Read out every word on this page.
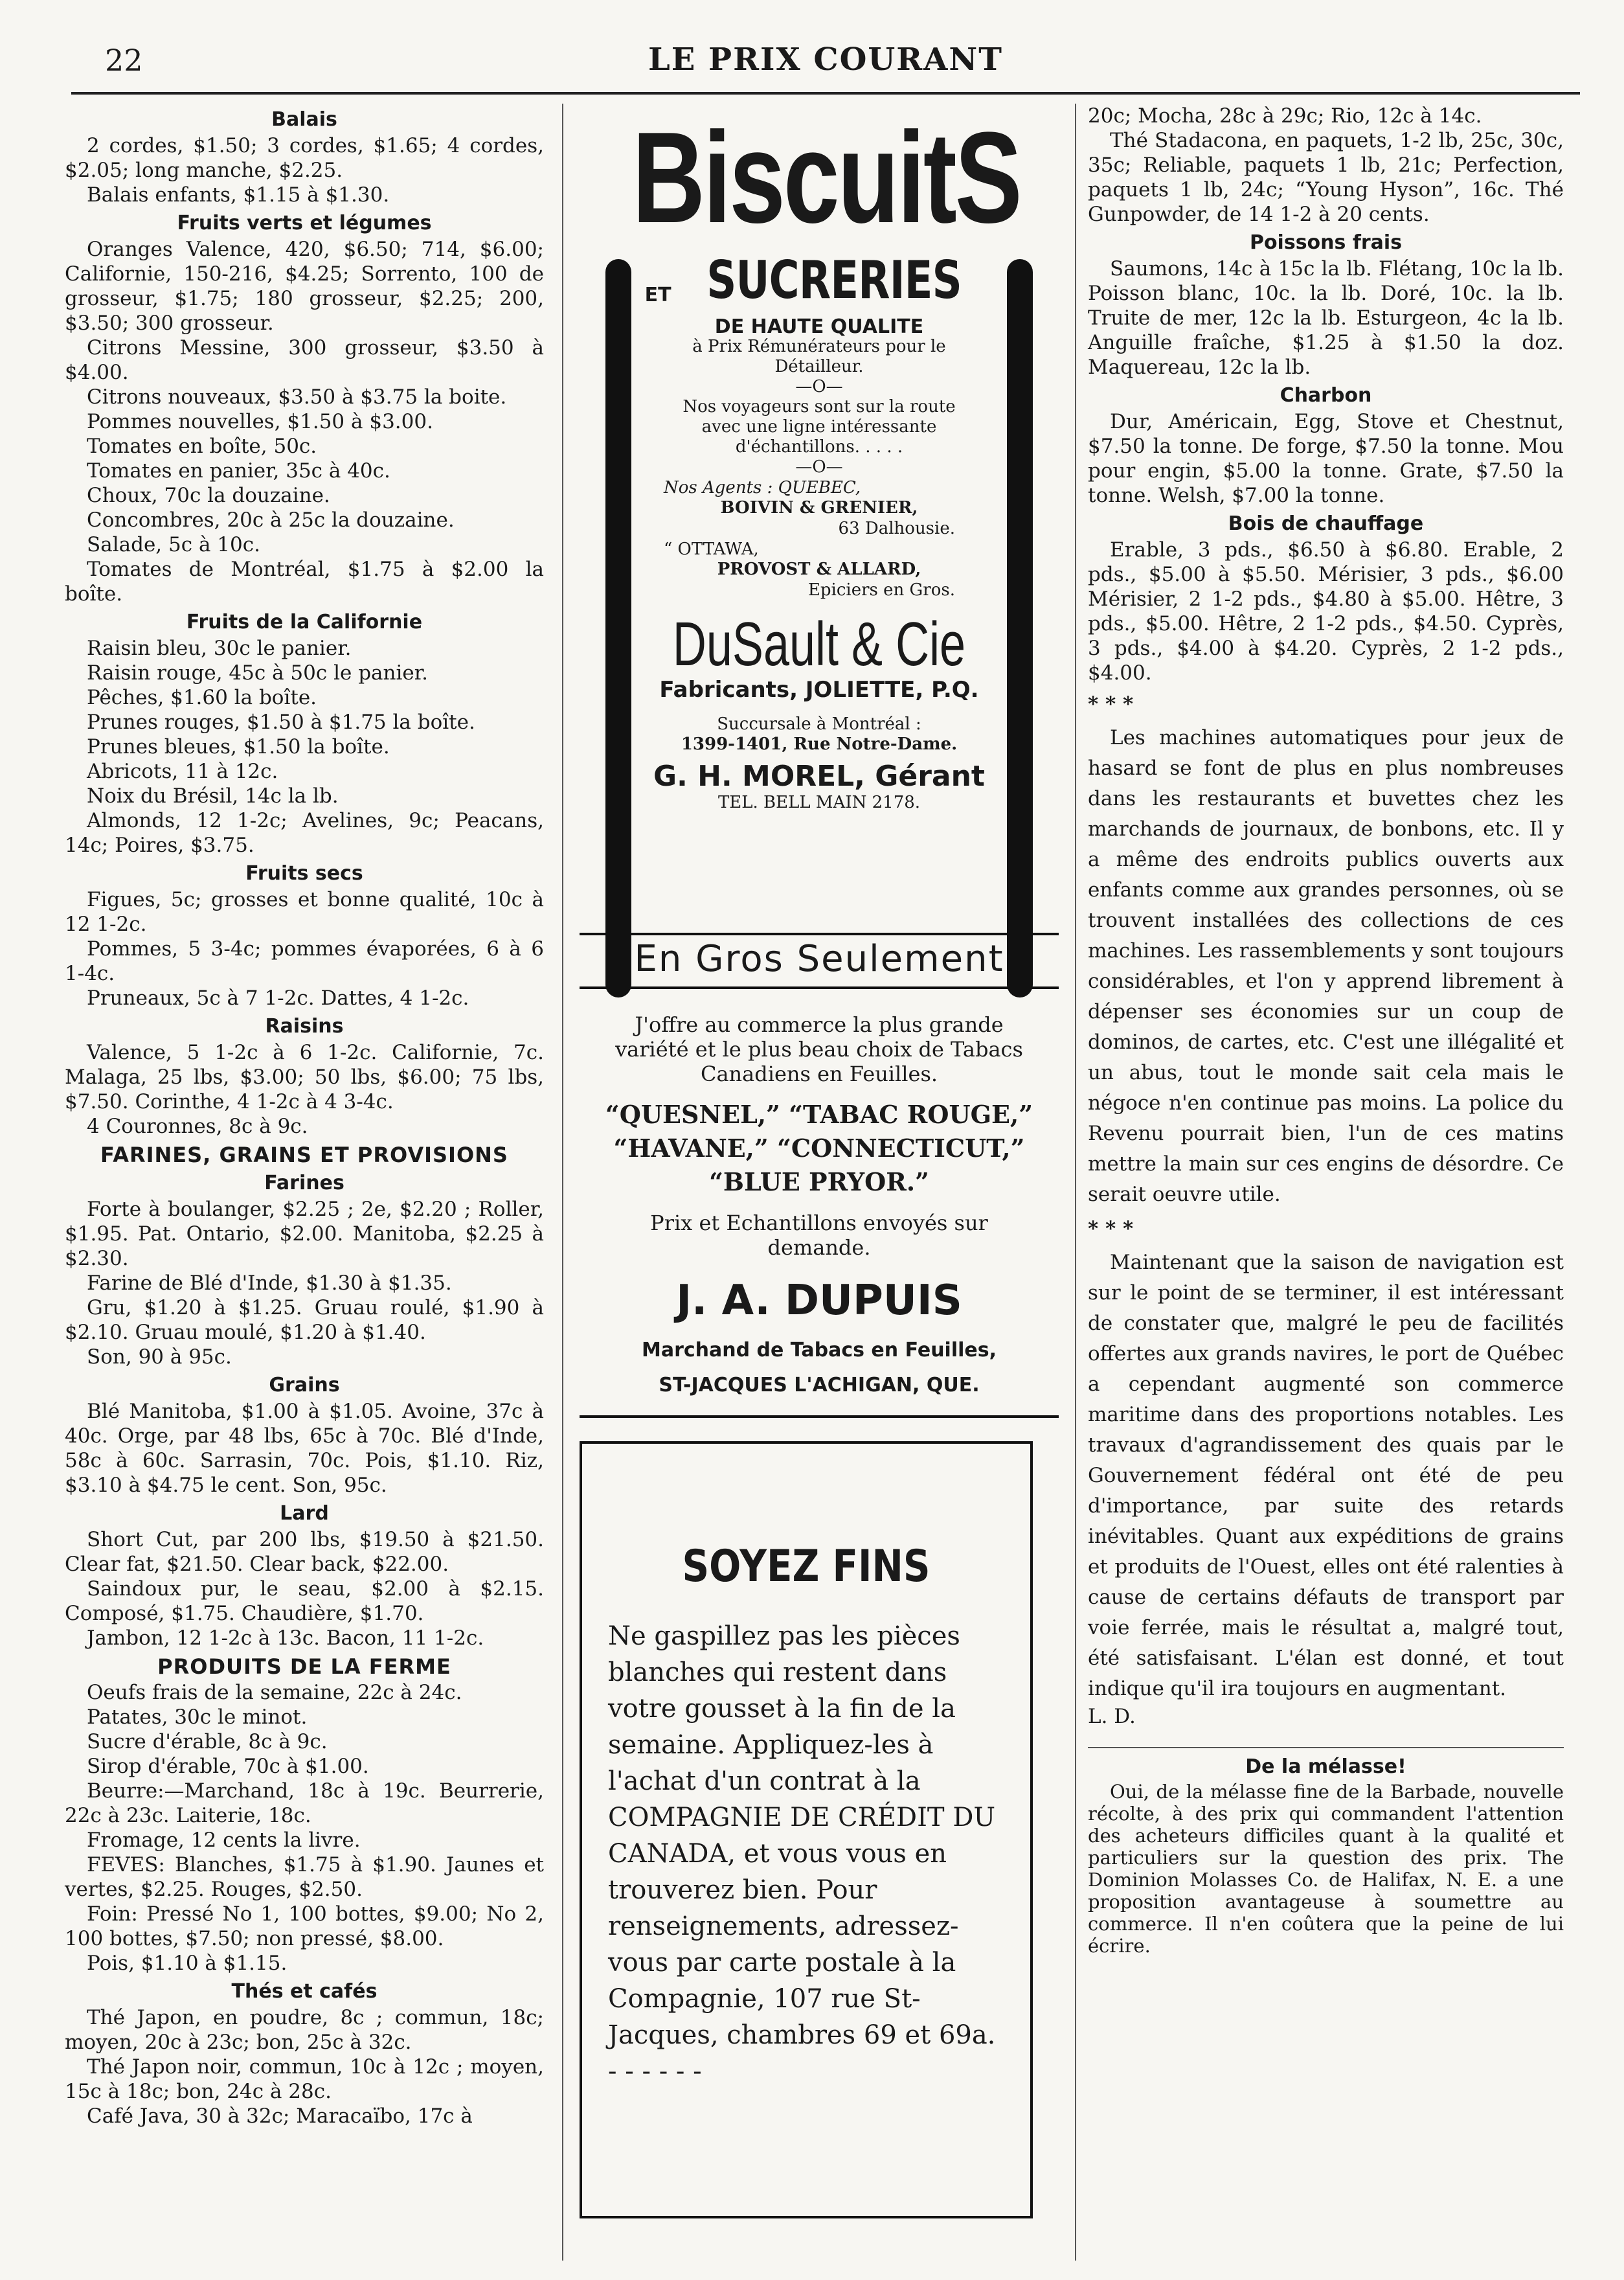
22	LE PRIX COURANT
Balais

2 cordes, $1.50; 3 cordes, $1.65; 4 cordes, $2.05; long manche, $2.25.

Balais enfants, $1.15 à $1.30.

Fruits verts et légumes

Oranges Valence, 420, $6.50; 714, $6.00; Californie, 150-216, $4.25; Sorrento, 100 de grosseur, $1.75; 180 grosseur, $2.25; 200, $3.50; 300 grosseur.

Citrons Messine, 300 grosseur, $3.50 à $4.00.

Citrons nouveaux, $3.50 à $3.75 la boite.

Pommes nouvelles, $1.50 à $3.00.

Tomates en boîte, 50c.

Tomates en panier, 35c à 40c.

Choux, 70c la douzaine.

Concombres, 20c à 25c la douzaine.

Salade, 5c à 10c.

Tomates de Montréal, $1.75 à $2.00 la boîte.

Fruits de la Californie

Raisin bleu, 30c le panier.

Raisin rouge, 45c à 50c le panier.

Pêches, $1.60 la boîte.

Prunes rouges, $1.50 à $1.75 la boîte.

Prunes bleues, $1.50 la boîte.

Abricots, 11 à 12c.

Noix du Brésil, 14c la lb.

Almonds, 12 1-2c; Avelines, 9c; Peacans, 14c; Poires, $3.75.

Fruits secs

Figues, 5c; grosses et bonne qualité, 10c à 12 1-2c.

Pommes, 5 3-4c; pommes évaporées, 6 à 6 1-4c.

Pruneaux, 5c à 7 1-2c. Dattes, 4 1-2c.

Raisins

Valence, 5 1-2c à 6 1-2c. Californie, 7c. Malaga, 25 lbs, $3.00; 50 lbs, $6.00; 75 lbs, $7.50. Corinthe, 4 1-2c à 4 3-4c.

4 Couronnes, 8c à 9c.

FARINES, GRAINS ET PROVISIONS
Farines

Forte à boulanger, $2.25 ; 2e, $2.20 ; Roller, $1.95. Pat. Ontario, $2.00. Manitoba, $2.25 à $2.30.

Farine de Blé d'Inde, $1.30 à $1.35.

Gru, $1.20 à $1.25. Gruau roulé, $1.90 à $2.10. Gruau moulé, $1.20 à $1.40.

Son, 90 à 95c.

Grains

Blé Manitoba, $1.00 à $1.05. Avoine, 37c à 40c. Orge, par 48 lbs, 65c à 70c. Blé d'Inde, 58c à 60c. Sarrasin, 70c. Pois, $1.10. Riz, $3.10 à $4.75 le cent. Son, 95c.

Lard

Short Cut, par 200 lbs, $19.50 à $21.50. Clear fat, $21.50. Clear back, $22.00.

Saindoux pur, le seau, $2.00 à $2.15. Composé, $1.75. Chaudière, $1.70.

Jambon, 12 1-2c à 13c. Bacon, 11 1-2c.

PRODUITS DE LA FERME

Oeufs frais de la semaine, 22c à 24c.

Patates, 30c le minot.

Sucre d'érable, 8c à 9c.

Sirop d'érable, 70c à $1.00.

Beurre:—Marchand, 18c à 19c. Beurrerie, 22c à 23c. Laiterie, 18c.

Fromage, 12 cents la livre.

FEVES: Blanches, $1.75 à $1.90. Jaunes et vertes, $2.25. Rouges, $2.50.

Foin: Pressé No 1, 100 bottes, $9.00; No 2, 100 bottes, $7.50; non pressé, $8.00.

Pois, $1.10 à $1.15.

Thés et cafés

Thé Japon, en poudre, 8c ; commun, 18c; moyen, 20c à 23c; bon, 25c à 32c.

Thé Japon noir, commun, 10c à 12c ; moyen, 15c à 18c; bon, 24c à 28c.

Café Java, 30 à 32c; Maracaïbo, 17c à

BiscuitS
ET SUCRERIES
DE HAUTE QUALITE
à Prix Rémunérateurs pour le Détailleur.
—O—
Nos voyageurs sont sur la route avec une ligne intéressante d'échantillons. . . . .
—O—
Nos Agents : QUEBEC,
BOIVIN & GRENIER,
63 Dalhousie.
“ OTTAWA,
PROVOST & ALLARD,
Epiciers en Gros.
DuSault & Cie
Fabricants, JOLIETTE, P.Q.
Succursale à Montréal :
1399-1401, Rue Notre-Dame.
G. H. MOREL, Gérant
TEL. BELL MAIN 2178.
En Gros Seulement
J'offre au commerce la plus grande variété et le plus beau choix de Tabacs Canadiens en Feuilles.
“QUESNEL,” “TABAC ROUGE,”
“HAVANE,” “CONNECTICUT,”
“BLUE PRYOR.”
Prix et Echantillons envoyés sur demande.
J. A. DUPUIS
Marchand de Tabacs en Feuilles,
ST-JACQUES L'ACHIGAN, QUE.
SOYEZ FINS

Ne gaspillez pas les pièces blanches qui restent dans votre gousset à la fin de la semaine. Appliquez-les à l'achat d'un contrat à la COMPAGNIE DE CRÉDIT DU CANADA, et vous vous en trouverez bien. Pour renseignements, adressez-vous par carte postale à la Compagnie, 107 rue St-Jacques, chambres 69 et 69a. - - - - - -

20c; Mocha, 28c à 29c; Rio, 12c à 14c.

Thé Stadacona, en paquets, 1-2 lb, 25c, 30c, 35c; Reliable, paquets 1 lb, 21c; Perfection, paquets 1 lb, 24c; “Young Hyson”, 16c. Thé Gunpowder, de 14 1-2 à 20 cents.

Poissons frais

Saumons, 14c à 15c la lb. Flétang, 10c la lb. Poisson blanc, 10c. la lb. Doré, 10c. la lb. Truite de mer, 12c la lb. Esturgeon, 4c la lb. Anguille fraîche, $1.25 à $1.50 la doz. Maquereau, 12c la lb.

Charbon

Dur, Américain, Egg, Stove et Chestnut, $7.50 la tonne. De forge, $7.50 la tonne. Mou pour engin, $5.00 la tonne. Grate, $7.50 la tonne. Welsh, $7.00 la tonne.

Bois de chauffage

Erable, 3 pds., $6.50 à $6.80. Erable, 2 pds., $5.00 à $5.50. Mérisier, 3 pds., $6.00 Mérisier, 2 1-2 pds., $4.80 à $5.00. Hêtre, 3 pds., $5.00. Hêtre, 2 1-2 pds., $4.50. Cyprès, 3 pds., $4.00 à $4.20. Cyprès, 2 1-2 pds., $4.00.

* * *

Les machines automatiques pour jeux de hasard se font de plus en plus nombreuses dans les restaurants et buvettes chez les marchands de journaux, de bonbons, etc. Il y a même des endroits publics ouverts aux enfants comme aux grandes personnes, où se trouvent installées des collections de ces machines. Les rassemblements y sont toujours considérables, et l'on y apprend librement à dépenser ses économies sur un coup de dominos, de cartes, etc. C'est une illégalité et un abus, tout le monde sait cela mais le négoce n'en continue pas moins. La police du Revenu pourrait bien, l'un de ces matins mettre la main sur ces engins de désordre. Ce serait oeuvre utile.

* * *

Maintenant que la saison de navigation est sur le point de se terminer, il est intéressant de constater que, malgré le peu de facilités offertes aux grands navires, le port de Québec a cependant augmenté son commerce maritime dans des proportions notables. Les travaux d'agrandissement des quais par le Gouvernement fédéral ont été de peu d'importance, par suite des retards inévitables. Quant aux expéditions de grains et produits de l'Ouest, elles ont été ralenties à cause de certains défauts de transport par voie ferrée, mais le résultat a, malgré tout, été satisfaisant. L'élan est donné, et tout indique qu'il ira toujours en augmentant.

L. D.

De la mélasse!

Oui, de la mélasse fine de la Barbade, nouvelle récolte, à des prix qui commandent l'attention des acheteurs difficiles quant à la qualité et particuliers sur la question des prix. The Dominion Molasses Co. de Halifax, N. E. a une proposition avantageuse à soumettre au commerce. Il n'en coûtera que la peine de lui écrire.
